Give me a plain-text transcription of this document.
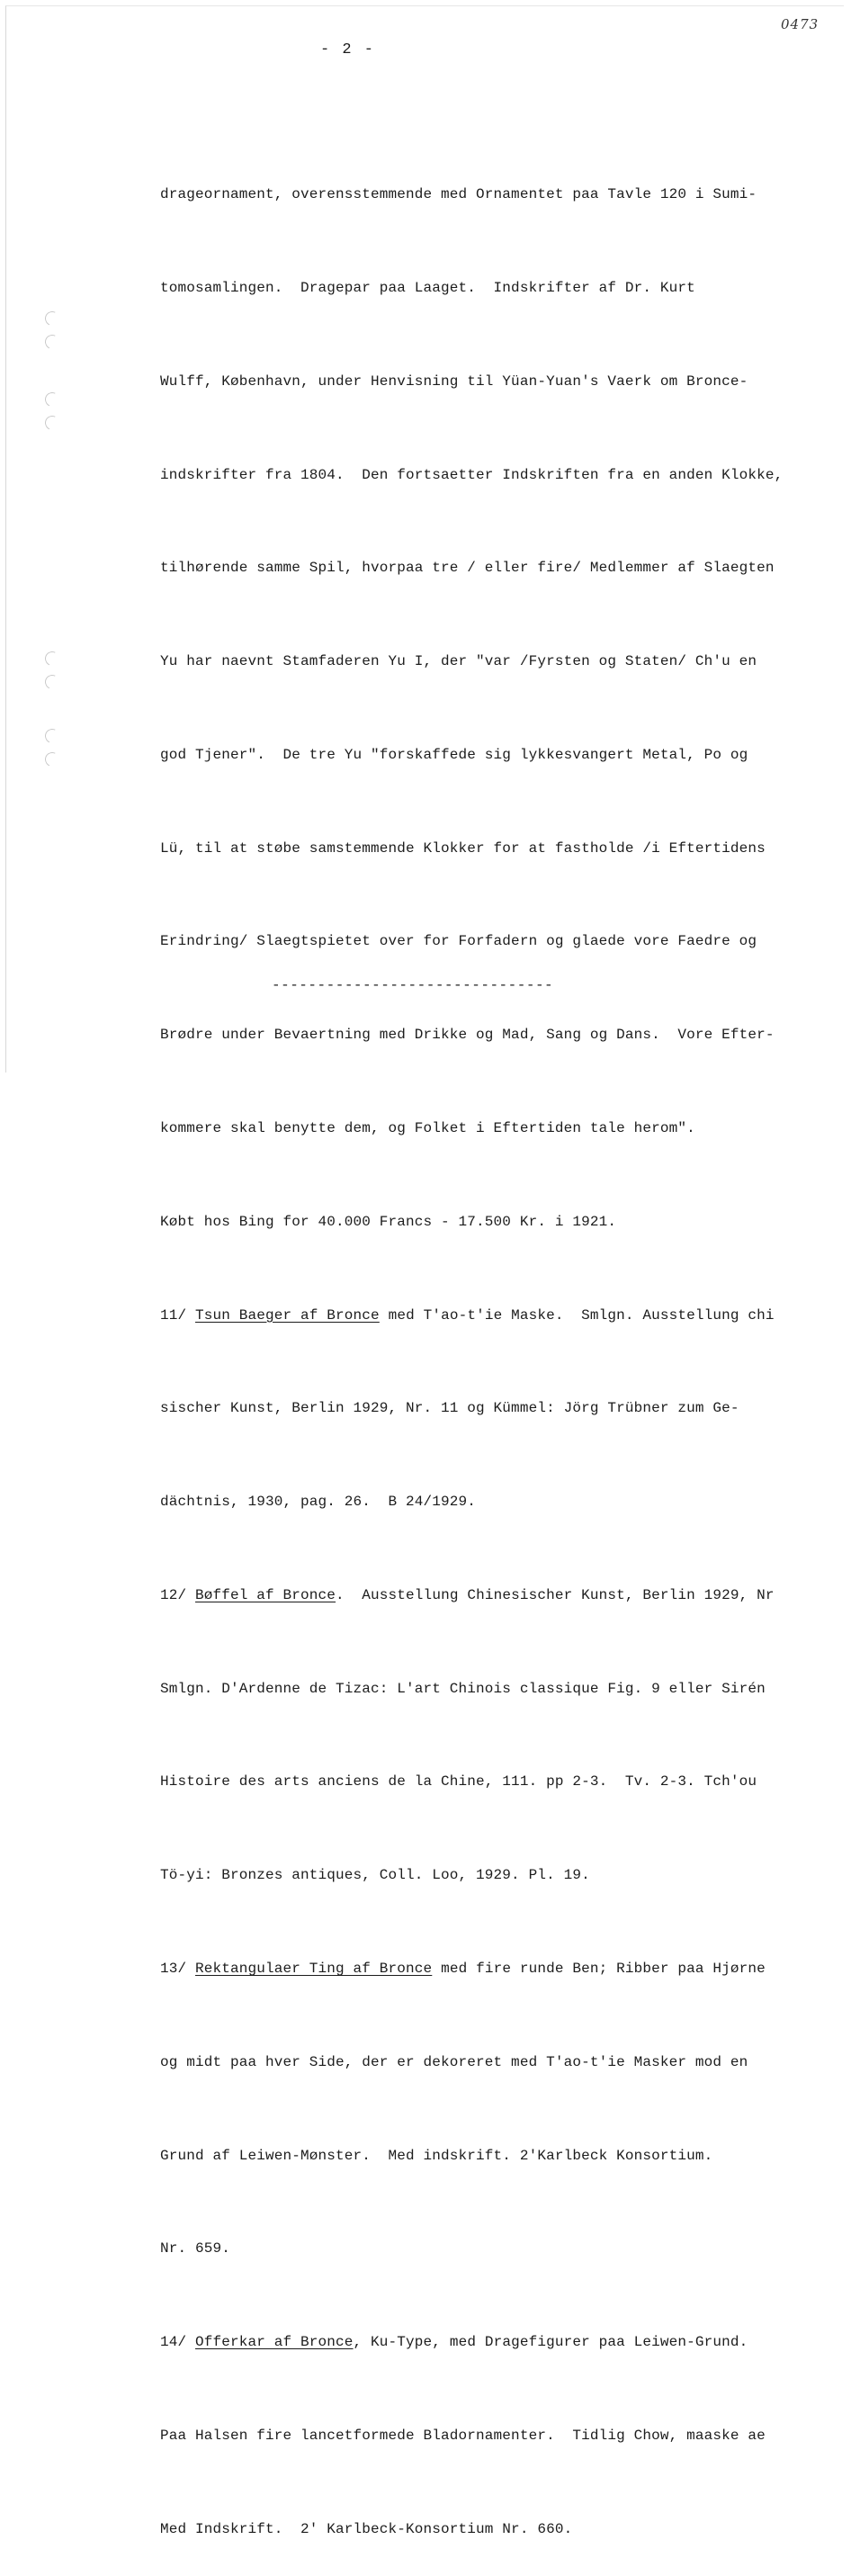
0473
- 2 -

drageornament, overensstemmende med Ornamentet paa Tavle 120 i Sumi-

tomosamlingen.  Dragepar paa Laaget.  Indskrifter af Dr. Kurt

Wulff, København, under Henvisning til Yüan-Yuan's Vaerk om Bronce-

indskrifter fra 1804.  Den fortsaetter Indskriften fra en anden Klokke,

tilhørende samme Spil, hvorpaa tre / eller fire/ Medlemmer af Slaegten

Yu har naevnt Stamfaderen Yu I, der "var /Fyrsten og Staten/ Ch'u en

god Tjener".  De tre Yu "forskaffede sig lykkesvangert Metal, Po og

Lü, til at støbe samstemmende Klokker for at fastholde /i Eftertidens

Erindring/ Slaegtspietet over for Forfadern og glaede vore Faedre og

Brødre under Bevaertning med Drikke og Mad, Sang og Dans.  Vore Efter-

kommere skal benytte dem, og Folket i Eftertiden tale herom".

Købt hos Bing for 40.000 Francs - 17.500 Kr. i 1921.

11/ Tsun Baeger af Bronce med T'ao-t'ie Maske.  Smlgn. Ausstellung chi

sischer Kunst, Berlin 1929, Nr. 11 og Kümmel: Jörg Trübner zum Ge-

dächtnis, 1930, pag. 26.  B 24/1929.

12/ Bøffel af Bronce.  Ausstellung Chinesischer Kunst, Berlin 1929, Nr

Smlgn. D'Ardenne de Tizac: L'art Chinois classique Fig. 9 eller Sirén

Histoire des arts anciens de la Chine, 111. pp 2-3.  Tv. 2-3. Tch'ou

Tö-yi: Bronzes antiques, Coll. Loo, 1929. Pl. 19.

13/ Rektangulaer Ting af Bronce med fire runde Ben; Ribber paa Hjørne

og midt paa hver Side, der er dekoreret med T'ao-t'ie Masker mod en

Grund af Leiwen-Mønster.  Med indskrift. 2'Karlbeck Konsortium.

Nr. 659.

14/ Offerkar af Bronce, Ku-Type, med Dragefigurer paa Leiwen-Grund.

Paa Halsen fire lancetformede Bladornamenter.  Tidlig Chow, maaske ae

Med Indskrift.  2' Karlbeck-Konsortium Nr. 660.

-------------------------------
